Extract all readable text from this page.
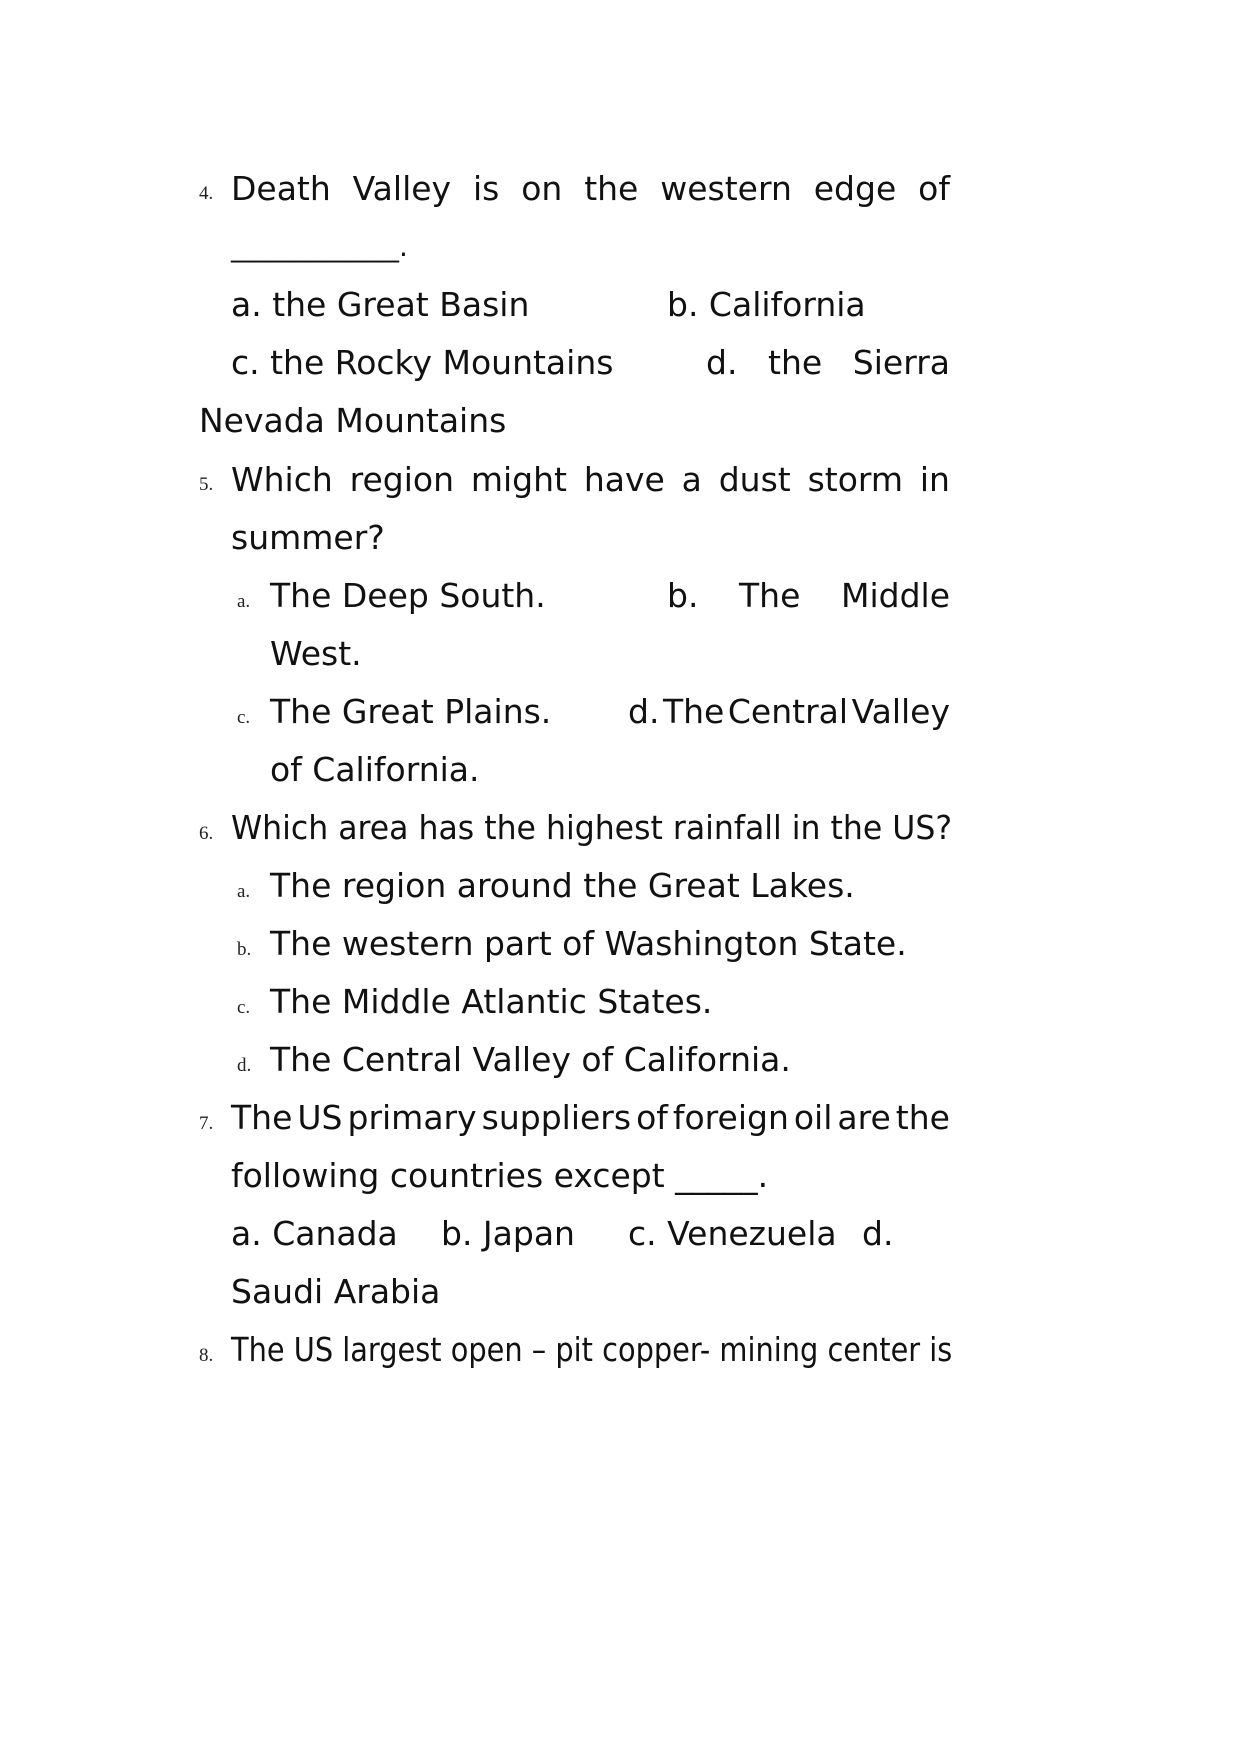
4. Death Valley is on the western edge of
____________.
a. the Great Basin	b. California
c. the Rocky Mountains	d. the Sierra
Nevada Mountains
5. Which region might have a dust storm in
summer?
a. The Deep South.	b. The Middle
West.
c. The Great Plains. d. The Central Valley
of California.
6. Which area has the highest rainfall in the US?
a. The region around the Great Lakes.
b. The western part of Washington State.
c. The Middle Atlantic States.
d. The Central Valley of California.
7. The US primary suppliers of foreign oil are the
following countries except _____.
a. Canada b. Japan c. Venezuela d.
Saudi Arabia
8. The US largest open – pit copper- mining center is
